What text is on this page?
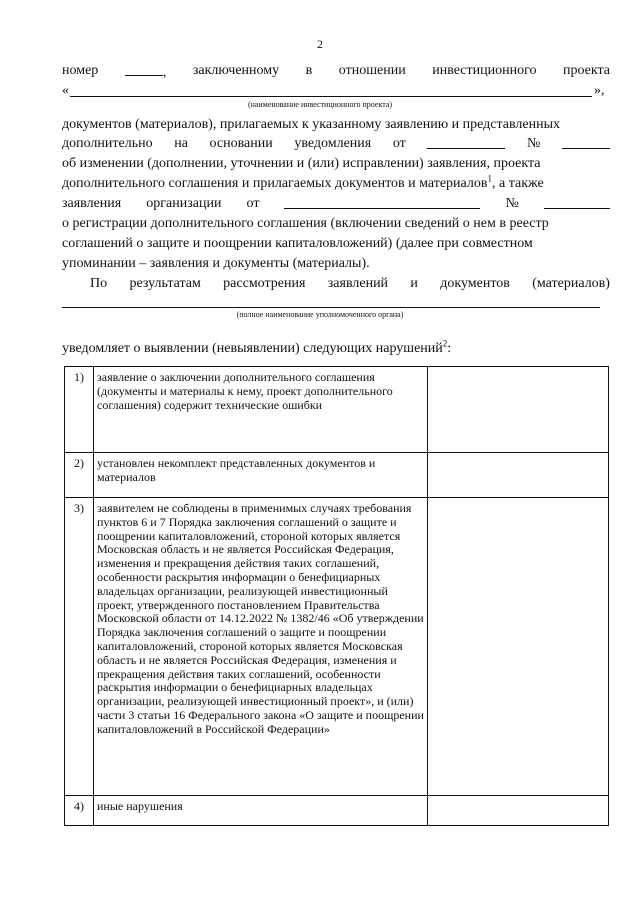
2
номер	, заключенному в отношении инвестиционного проекта
«	»,
(наименование инвестиционного проекта)
документов (материалов), прилагаемых к указанному заявлению и представленных
дополнительно на основании уведомления от	№
об изменении (дополнении, уточнении и (или) исправлении) заявления, проекта
дополнительного соглашения и прилагаемых документов и материалов$^1$, а также
заявления организации от	№
о регистрации дополнительного соглашения (включении сведений о нем в реестр
соглашений о защите и поощрении капиталовложений) (далее при совместном
упоминании – заявления и документы (материалы).
По результатам рассмотрения заявлений и документов (материалов)
(полное наименование уполномоченного органа)
уведомляет о выявлении (невыявлении) следующих нарушений$^2$:
1)	заявление о заключении дополнительного соглашения (документы и материалы к нему, проект дополнительного соглашения) содержит технические ошибки	
2)	установлен некомплект представленных документов и материалов	
3)	заявителем не соблюдены в применимых случаях требования пунктов 6 и 7 Порядка заключения соглашений о защите и поощрении капиталовложений, стороной которых является Московская область и не является Российская Федерация, изменения и прекращения действия таких соглашений, особенности раскрытия информации о бенефициарных владельцах организации, реализующей инвестиционный проект, утвержденного постановлением Правительства Московской области от 14.12.2022 № 1382/46 «Об утверждении Порядка заключения соглашений о защите и поощрении капиталовложений, стороной которых является Московская область и не является Российская Федерация, изменения и прекращения действия таких соглашений, особенности раскрытия информации о бенефициарных владельцах организации, реализующей инвестиционный проект», и (или) части 3 статьи 16 Федерального закона «О защите и поощрении капиталовложений в Российской Федерации»	
4)	иные нарушения	
